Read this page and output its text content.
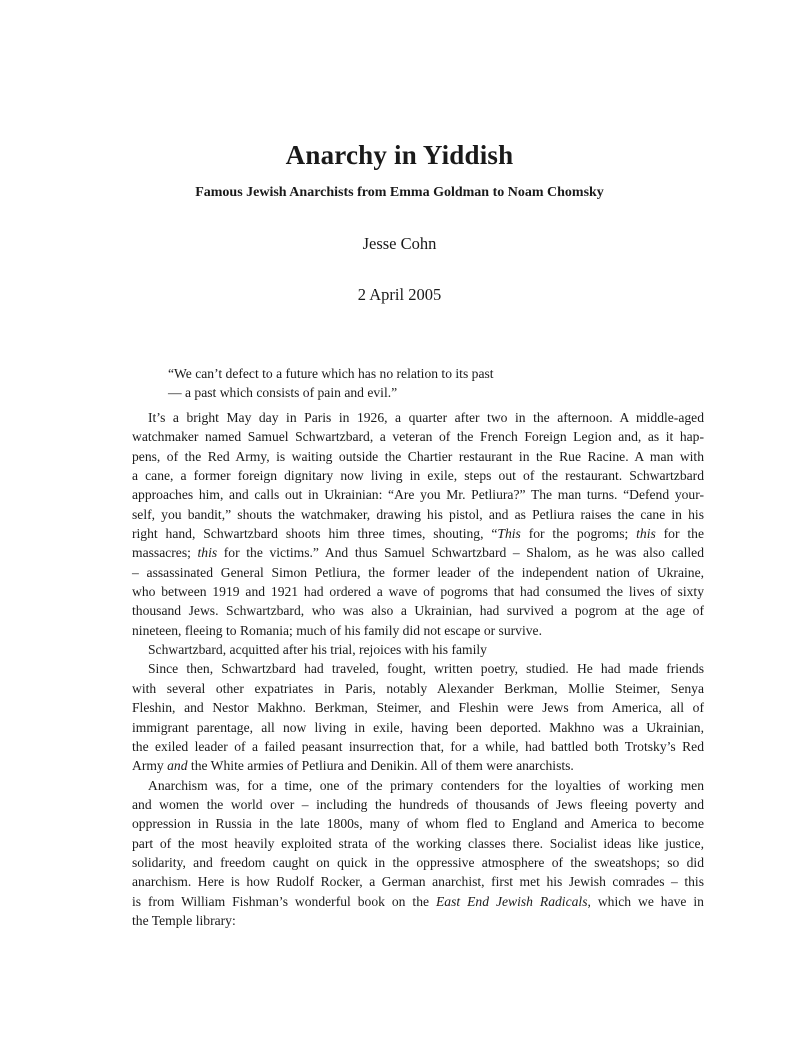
Anarchy in Yiddish
Famous Jewish Anarchists from Emma Goldman to Noam Chomsky
Jesse Cohn
2 April 2005
“We can’t defect to a future which has no relation to its past
— a past which consists of pain and evil.”
It’s a bright May day in Paris in 1926, a quarter after two in the afternoon. A middle-aged
watchmaker named Samuel Schwartzbard, a veteran of the French Foreign Legion and, as it hap-
pens, of the Red Army, is waiting outside the Chartier restaurant in the Rue Racine. A man with
a cane, a former foreign dignitary now living in exile, steps out of the restaurant. Schwartzbard
approaches him, and calls out in Ukrainian: “Are you Mr. Petliura?” The man turns. “Defend your-
self, you bandit,” shouts the watchmaker, drawing his pistol, and as Petliura raises the cane in his
right hand, Schwartzbard shoots him three times, shouting, “This for the pogroms; this for the
massacres; this for the victims.” And thus Samuel Schwartzbard – Shalom, as he was also called
– assassinated General Simon Petliura, the former leader of the independent nation of Ukraine,
who between 1919 and 1921 had ordered a wave of pogroms that had consumed the lives of sixty
thousand Jews. Schwartzbard, who was also a Ukrainian, had survived a pogrom at the age of
nineteen, fleeing to Romania; much of his family did not escape or survive.
Schwartzbard, acquitted after his trial, rejoices with his family
Since then, Schwartzbard had traveled, fought, written poetry, studied. He had made friends
with several other expatriates in Paris, notably Alexander Berkman, Mollie Steimer, Senya
Fleshin, and Nestor Makhno. Berkman, Steimer, and Fleshin were Jews from America, all of
immigrant parentage, all now living in exile, having been deported. Makhno was a Ukrainian,
the exiled leader of a failed peasant insurrection that, for a while, had battled both Trotsky’s Red
Army and the White armies of Petliura and Denikin. All of them were anarchists.
Anarchism was, for a time, one of the primary contenders for the loyalties of working men
and women the world over – including the hundreds of thousands of Jews fleeing poverty and
oppression in Russia in the late 1800s, many of whom fled to England and America to become
part of the most heavily exploited strata of the working classes there. Socialist ideas like justice,
solidarity, and freedom caught on quick in the oppressive atmosphere of the sweatshops; so did
anarchism. Here is how Rudolf Rocker, a German anarchist, first met his Jewish comrades – this
is from William Fishman’s wonderful book on the East End Jewish Radicals, which we have in
the Temple library:
